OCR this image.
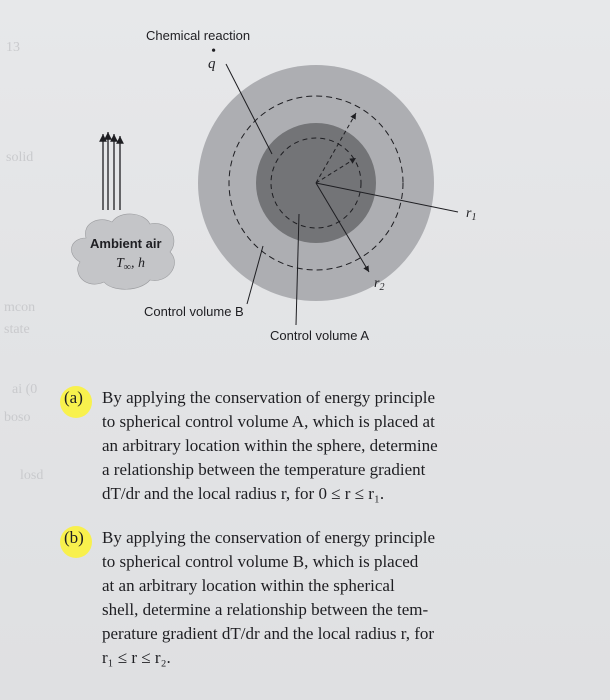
13
solid
mcon
state
ai (0
boso
losd
Chemical reaction
•
q
$r_1$
$r_2$
Ambient air
$T_\infty$, h
Control volume B
Control volume A
(a)	By applying the conservation of energy principle
to spherical control volume A, which is placed at
an arbitrary location within the sphere, determine
a relationship between the temperature gradient
dT/dr and the local radius r, for 0 ≤ r ≤ r₁.
(b)	By applying the conservation of energy principle
to spherical control volume B, which is placed
at an arbitrary location within the spherical
shell, determine a relationship between the tem-
perature gradient dT/dr and the local radius r, for
r₁ ≤ r ≤ r₂.
